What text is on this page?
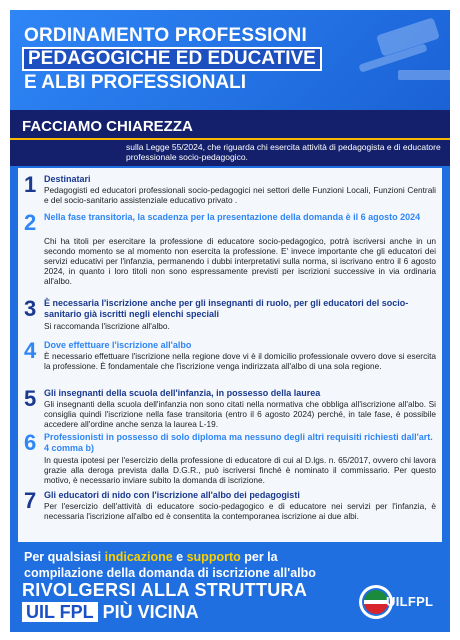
ORDINAMENTO PROFESSIONI
PEDAGOGICHE ED EDUCATIVE
E ALBI PROFESSIONALI
FACCIAMO CHIAREZZA
sulla Legge 55/2024, che riguarda chi esercita attività di pedagogista e di educatore professionale socio-pedagogico.
1 Destinatari
Pedagogisti ed educatori professionali socio-pedagogici nei settori delle Funzioni Locali, Funzioni Centrali e del socio-sanitario assistenziale educativo privato .
2 Nella fase transitoria, la scadenza per la presentazione della domanda è il 6 agosto 2024
Chi ha titoli per esercitare la professione di educatore socio-pedagogico, potrà iscriversi anche in un secondo momento se al momento non esercita la professione. E' invece importante che gli educatori dei servizi educativi per l'infanzia, permanendo i dubbi interpretativi sulla norma, si iscrivano entro il 6 agosto 2024, in quanto i loro titoli non sono espressamente previsti per iscrizioni successive in via ordinaria all'albo.
3 È necessaria l'iscrizione anche per gli insegnanti di ruolo, per gli educatori del socio-sanitario già iscritti negli elenchi speciali
Si raccomanda l'iscrizione all'albo.
4 Dove effettuare l'iscrizione all'albo
È necessario effettuare l'iscrizione nella regione dove vi è il domicilio professionale ovvero dove si esercita la professione. È fondamentale che l'iscrizione venga indirizzata all'albo di una sola regione.
5 Gli insegnanti della scuola dell'infanzia, in possesso della laurea
Gli insegnanti della scuola dell'infanzia non sono citati nella normativa che obbliga all'iscrizione all'albo. Si consiglia quindi l'iscrizione nella fase transitoria (entro il 6 agosto 2024) perché, in tale fase, è possibile accedere all'ordine anche senza la laurea L-19.
6 Professionisti in possesso di solo diploma ma nessuno degli altri requisiti richiesti dall'art. 4 comma b)
In questa ipotesi per l'esercizio della professione di educatore di cui al D.lgs. n. 65/2017, ovvero chi lavora grazie alla deroga prevista dalla D.G.R., può iscriversi finché è nominato il commissario. Per questo motivo, è necessario inviare subito la domanda di iscrizione.
7 Gli educatori di nido con l'iscrizione all'albo dei pedagogisti
Per l'esercizio dell'attività di educatore socio-pedagogico e di educatore nei servizi per l'infanzia, è necessaria l'iscrizione all'albo ed è consentita la contemporanea iscrizione ai due albi.
Per qualsiasi indicazione e supporto per la
compilazione della domanda di iscrizione all'albo
RIVOLGERSI ALLA STRUTTURA
UIL FPL PIÙ VICINA
UILFPL
